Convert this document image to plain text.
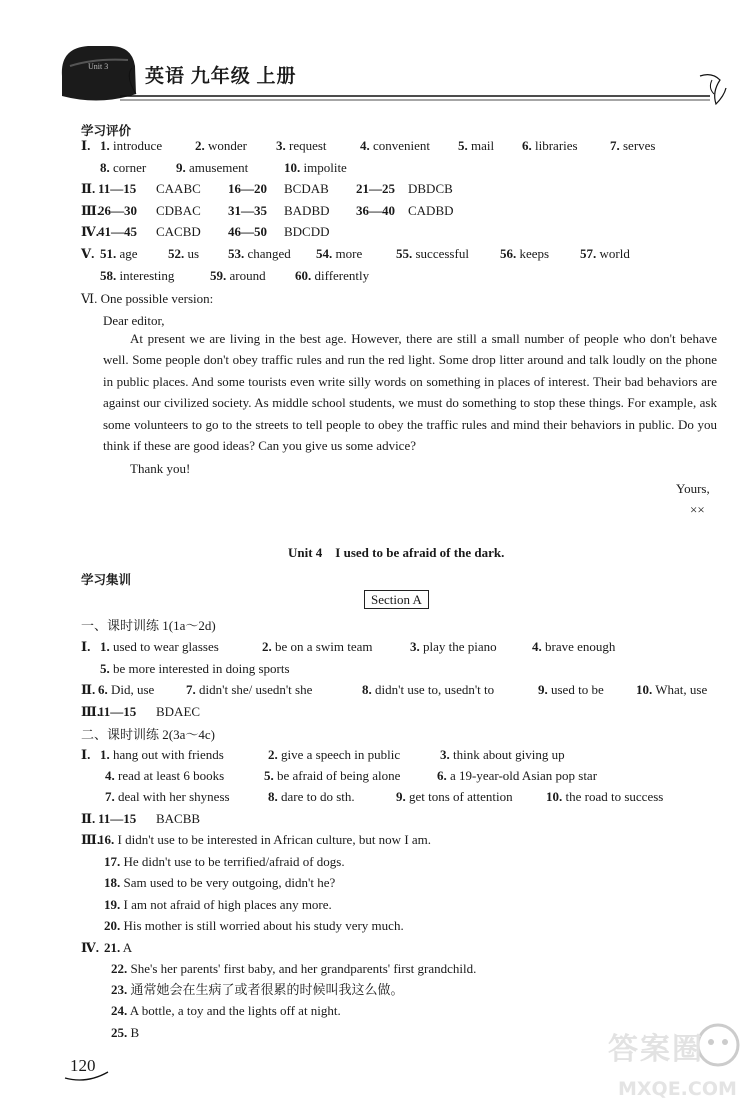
Unit 3 英语 九年级 上册
学习评价
Ⅰ. 1. introduce	2. wonder 3. request	4. convenient 5. mail 6. libraries 7. serves
8. corner 9. amusement	10. impolite
Ⅱ. 11—15 CAABC 16—20 BCDAB 21—25 DBDCB
Ⅲ.
26—30 CDBAC 31—35 BADBD 36—40 CADBD
Ⅳ.
41—45 CACBD 46—50 BDCDD
Ⅴ. 51. age 52. us 53. changed 54. more	55. successful 56. keeps 57. world
58. interesting	59. around 60. differently
Ⅵ. One possible version:
Dear editor,
At present we are living in the best age. However, there are still a small number of people who don't behave well. Some people don't obey traffic rules and run the red light. Some drop litter around and talk loudly on the phone in public places. And some tourists even write silly words on something in places of interest. Their bad behaviors are against our civilized society. As middle school students, we must do something to stop these things. For example, ask some volunteers to go to the streets to tell people to obey the traffic rules and mind their behaviors in public. Do you think if these are good ideas? Can you give us some advice?
Thank you!
Yours,
××
Unit 4    I used to be afraid of the dark.
学习集训
Section A
一、课时训练 1(1a～2d)
Ⅰ. 1. used to wear glasses	2. be on a swim team	3. play the piano	4. brave enough
5. be more interested in doing sports
Ⅱ. 6. Did, use 7. didn't she/ usedn't she	8. didn't use to, usedn't to	9. used to be 10. What, use
Ⅲ.
11—15 BDAEC
二、课时训练 2(3a～4c)
Ⅰ. 1. hang out with friends	2. give a speech in public	3. think about giving up
4. read at least 6 books	5. be afraid of being alone	6. a 19-year-old Asian pop star
7. deal with her shyness	8. dare to do sth.	9. get tons of attention	10. the road to success
Ⅱ. 11—15 BACBB
Ⅲ.
16. I didn't use to be interested in African culture, but now I am.
17. He didn't use to be terrified/afraid of dogs.
18. Sam used to be very outgoing, didn't he?
19. I am not afraid of high places any more.
20. His mother is still worried about his study very much.
Ⅳ. 21. A
22. She's her parents' first baby, and her grandparents' first grandchild.
23. 通常她会在生病了或者很累的时候叫我这么做。
24. A bottle, a toy and the lights off at night.
25. B
120	答案圈
MXQE.COM
